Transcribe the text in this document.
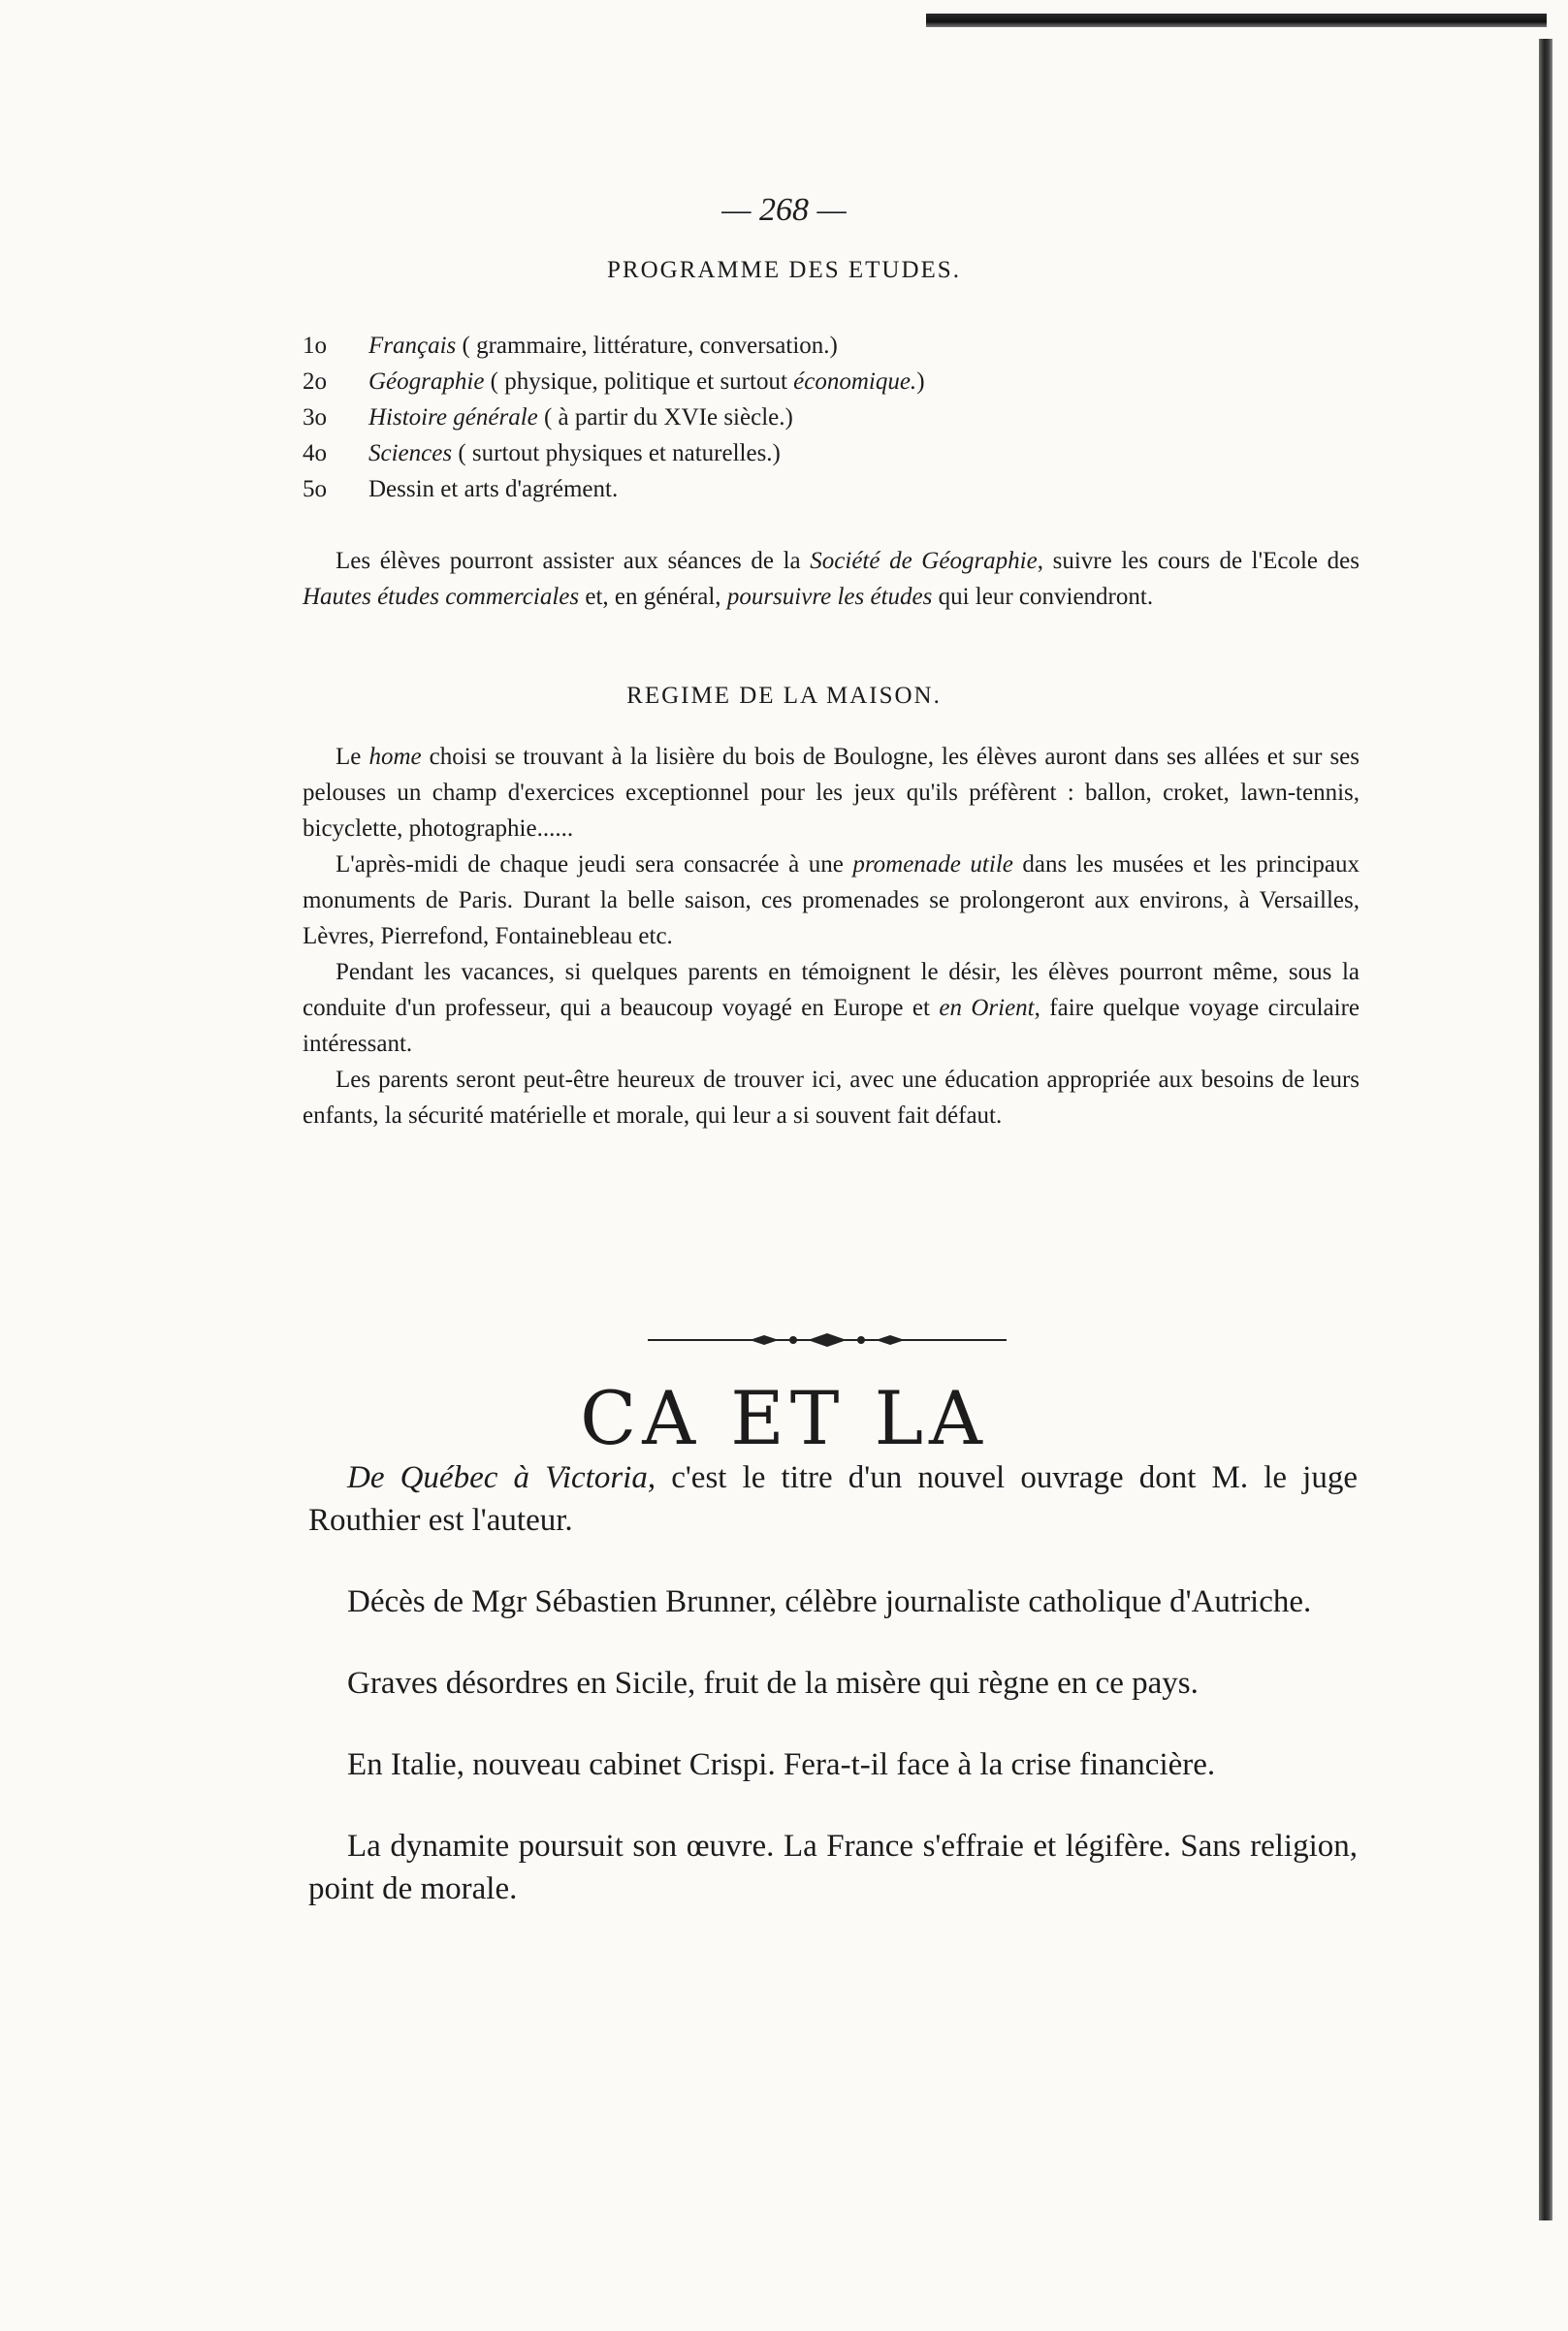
— 268 —
PROGRAMME DES ETUDES.
1o Français ( grammaire, littérature, conversation.)
2o Géographie ( physique, politique et surtout économique.)
3o Histoire générale ( à partir du XVIe siècle.)
4o Sciences ( surtout physiques et naturelles.)
5o Dessin et arts d'agrément.

Les élèves pourront assister aux séances de la Société de Géographie, suivre les cours de l'Ecole des Hautes études commerciales et, en général, poursuivre les études qui leur conviendront.

REGIME DE LA MAISON.

Le home choisi se trouvant à la lisière du bois de Boulogne, les élèves auront dans ses allées et sur ses pelouses un champ d'exercices exceptionnel pour les jeux qu'ils préfèrent : ballon, croket, lawn-tennis, bicyclette, photographie......

L'après-midi de chaque jeudi sera consacrée à une promenade utile dans les musées et les principaux monuments de Paris. Durant la belle saison, ces promenades se prolongeront aux environs, à Versailles, Lèvres, Pierrefond, Fontainebleau etc.

Pendant les vacances, si quelques parents en témoignent le désir, les élèves pourront même, sous la conduite d'un professeur, qui a beaucoup voyagé en Europe et en Orient, faire quelque voyage circulaire intéressant.

Les parents seront peut-être heureux de trouver ici, avec une éducation appropriée aux besoins de leurs enfants, la sécurité matérielle et morale, qui leur a si souvent fait défaut.

CA ET LA

De Québec à Victoria, c'est le titre d'un nouvel ouvrage dont M. le juge Routhier est l'auteur.

Décès de Mgr Sébastien Brunner, célèbre journaliste catholique d'Autriche.

Graves désordres en Sicile, fruit de la misère qui règne en ce pays.

En Italie, nouveau cabinet Crispi. Fera-t-il face à la crise financière.

La dynamite poursuit son œuvre. La France s'effraie et légifère. Sans religion, point de morale.
